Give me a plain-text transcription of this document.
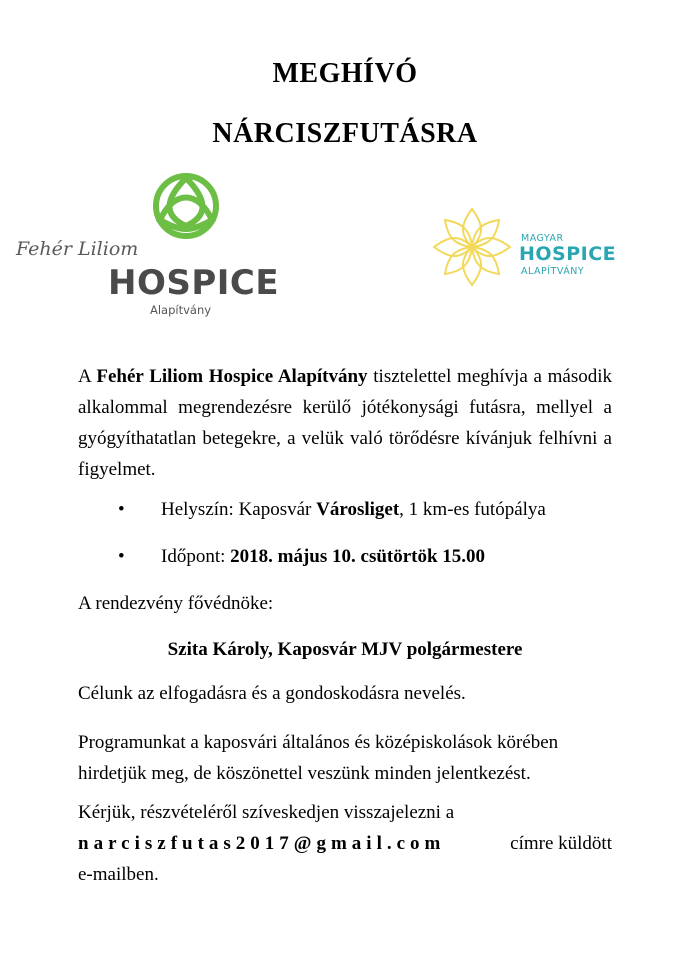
MEGHÍVÓ
NÁRCISZFUTÁSRA
Fehér Liliom
HOSPICE
Alapítvány
MAGYAR
HOSPICE
ALAPÍTVÁNY
A Fehér Liliom Hospice Alapítvány tisztelettel meghívja a második alkalommal megrendezésre kerülő jótékonysági futásra, mellyel a gyógyíthatatlan betegekre, a velük való törődésre kívánjuk felhívni a figyelmet.
• Helyszín: Kaposvár Városliget, 1 km-es futópálya
• Időpont: 2018. május 10. csütörtök 15.00
A rendezvény fővédnöke:
Szita Károly, Kaposvár MJV polgármestere
Célunk az elfogadásra és a gondoskodásra nevelés.
Programunkat a kaposvári általános és középiskolások körében hirdetjük meg, de köszönettel veszünk minden jelentkezést.
Kérjük, részvételéről szíveskedjen visszajelezni a
narciszfutas2017@gmail.com	címre küldött
e-mailben.
